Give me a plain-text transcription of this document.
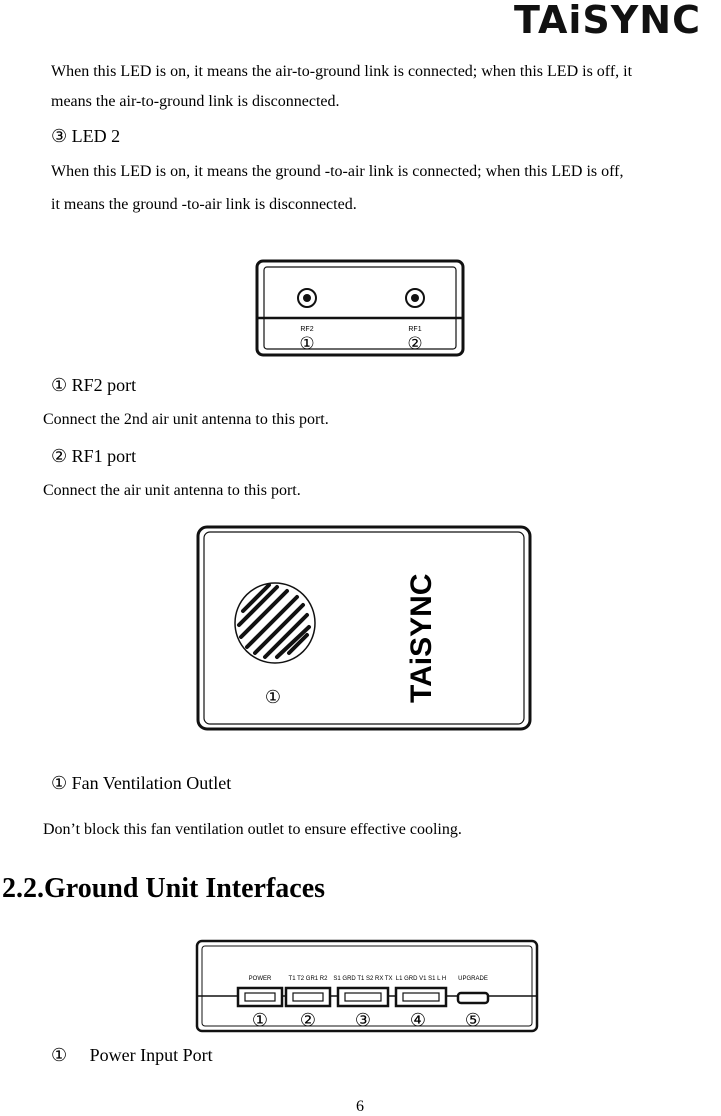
TAiSYNC
When this LED is on, it means the air-to-ground link is connected; when this LED is off, it
means the air-to-ground link is disconnected.
③ LED 2
When this LED is on, it means the ground -to-air link is connected; when this LED is off,
it means the ground -to-air link is disconnected.
RF2	RF1
①	②
① RF2 port
Connect the 2nd air unit antenna to this port.
② RF1 port
Connect the air unit antenna to this port.
TAiSYNC
①
① Fan Ventilation Outlet
Don’t block this fan ventilation outlet to ensure effective cooling.
2.2.Ground Unit Interfaces
POWER	T1 T2 GR1 R2 S1 GRD T1 S2 RX TX L1 GRD V1 S1 L H UPGRADE
① ② ③ ④ ⑤
① Power Input Port
6
